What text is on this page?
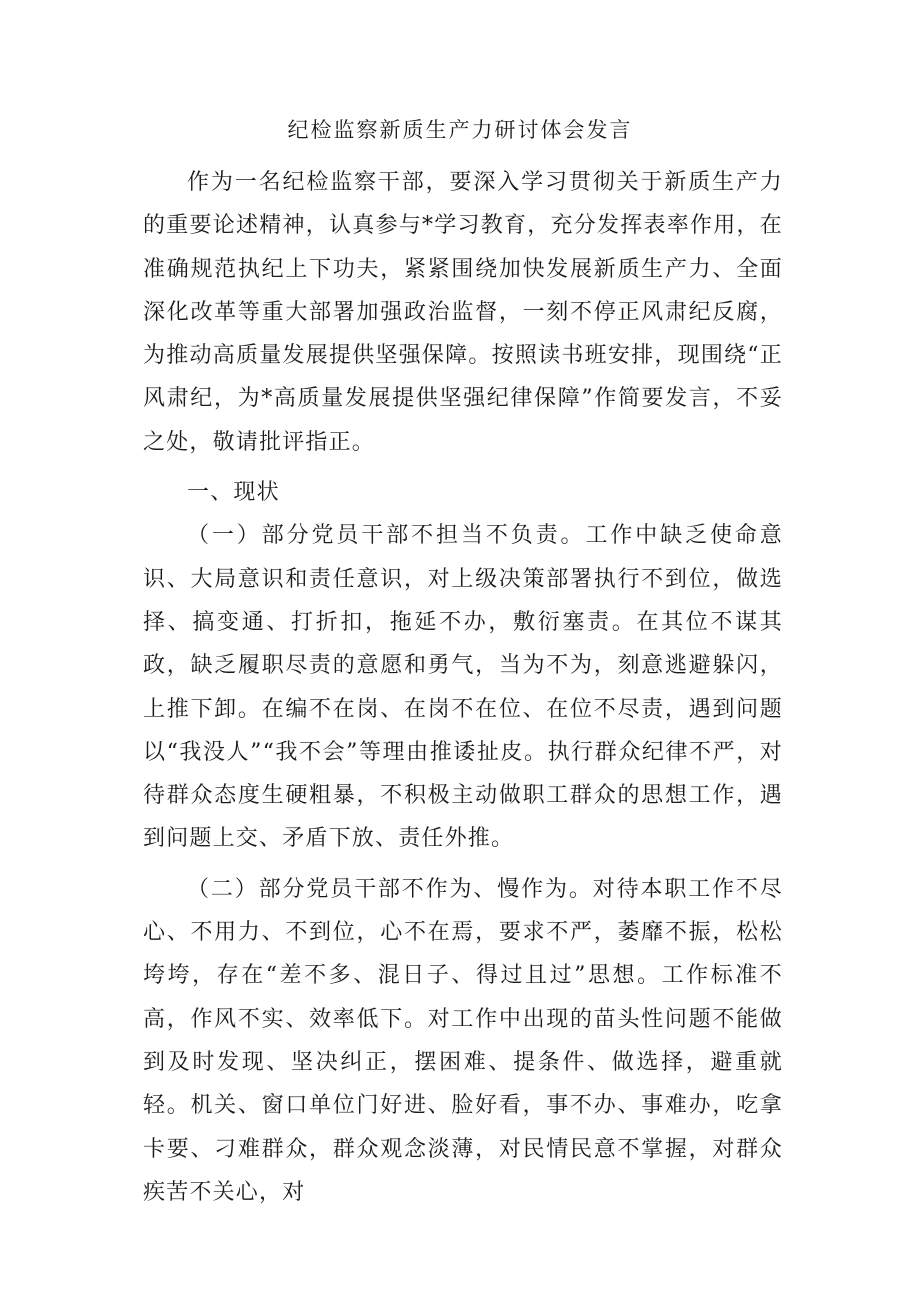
纪检监察新质生产力研讨体会发言

作为一名纪检监察干部，要深入学习贯彻关于新质生产力的重要论述精神，认真参与*学习教育，充分发挥表率作用，在准确规范执纪上下功夫，紧紧围绕加快发展新质生产力、全面深化改革等重大部署加强政治监督，一刻不停正风肃纪反腐，为推动高质量发展提供坚强保障。按照读书班安排，现围绕“正风肃纪，为*高质量发展提供坚强纪律保障”作简要发言，不妥之处，敬请批评指正。

一、现状

（一）部分党员干部不担当不负责。工作中缺乏使命意识、大局意识和责任意识，对上级决策部署执行不到位，做选择、搞变通、打折扣，拖延不办，敷衍塞责。在其位不谋其政，缺乏履职尽责的意愿和勇气，当为不为，刻意逃避躲闪，上推下卸。在编不在岗、在岗不在位、在位不尽责，遇到问题以“我没人”“我不会”等理由推诿扯皮。执行群众纪律不严，对待群众态度生硬粗暴，不积极主动做职工群众的思想工作，遇到问题上交、矛盾下放、责任外推。

（二）部分党员干部不作为、慢作为。对待本职工作不尽心、不用力、不到位，心不在焉，要求不严，萎靡不振，松松垮垮，存在“差不多、混日子、得过且过”思想。工作标准不高，作风不实、效率低下。对工作中出现的苗头性问题不能做到及时发现、坚决纠正，摆困难、提条件、做选择，避重就轻。机关、窗口单位门好进、脸好看，事不办、事难办，吃拿卡要、刁难群众，群众观念淡薄，对民情民意不掌握，对群众疾苦不关心，对
